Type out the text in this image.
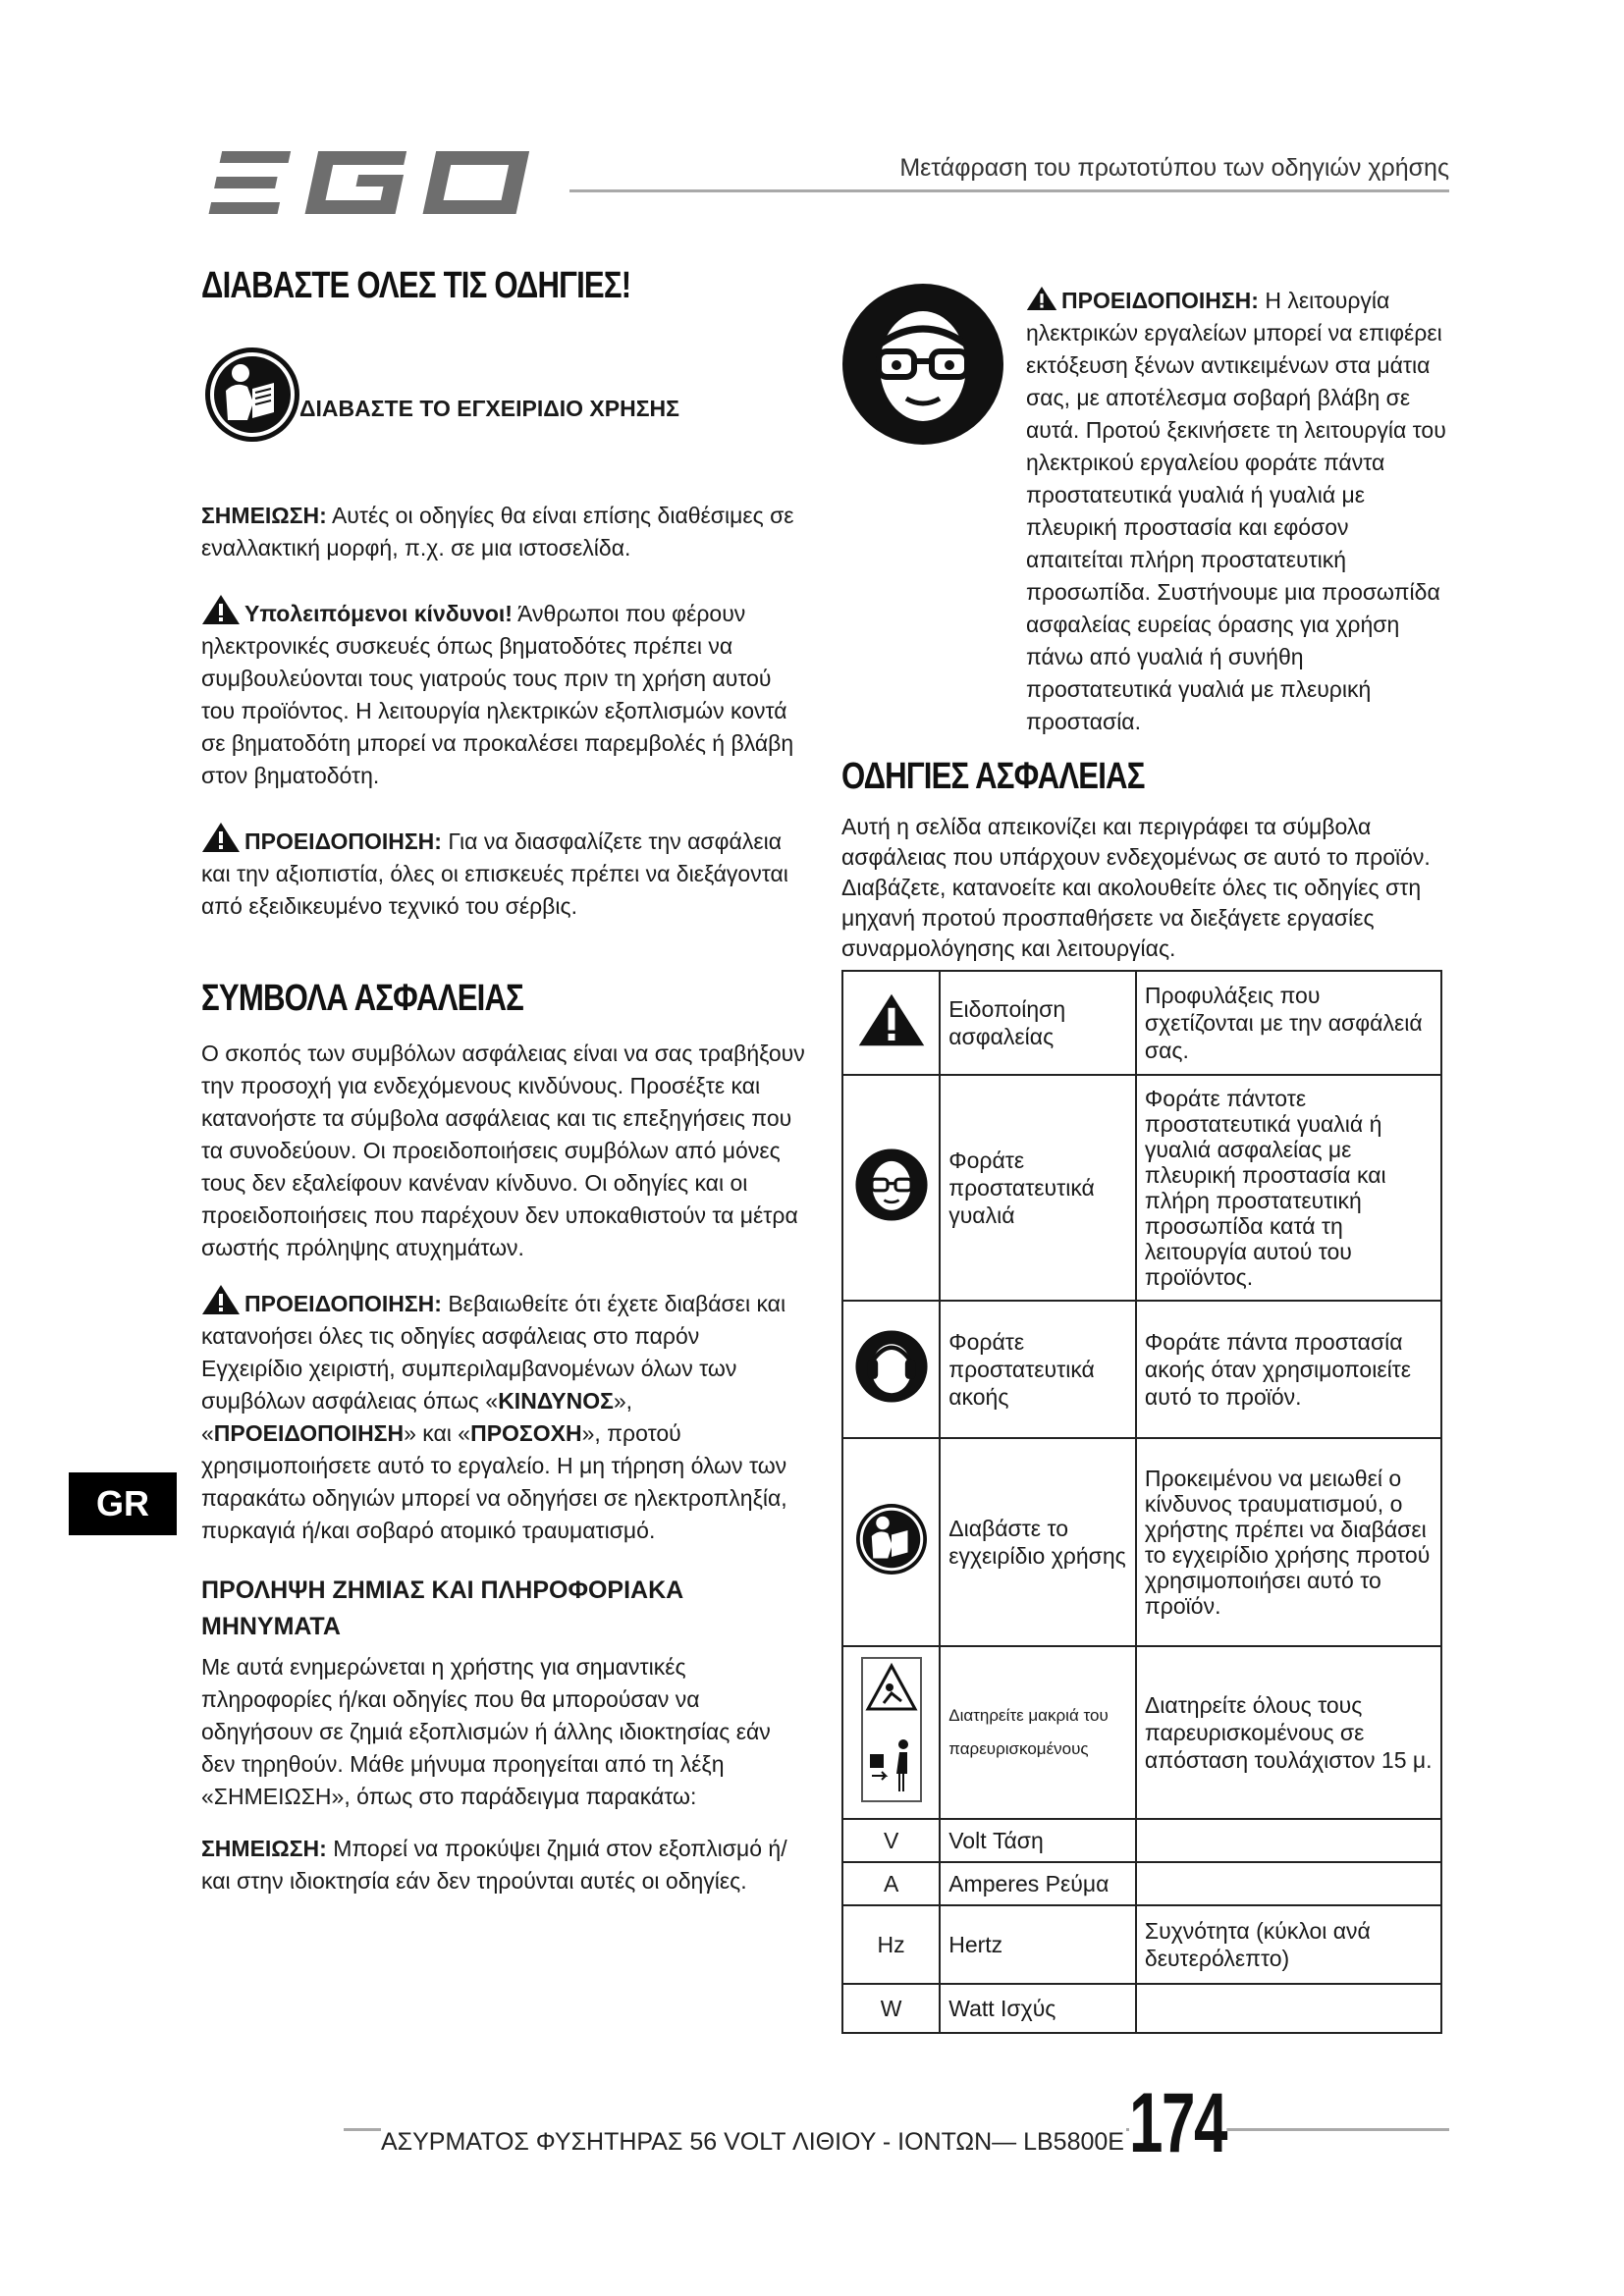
EGO
Μετάφραση του πρωτοτύπου των οδηγιών χρήσης
ΔΙΑΒΑΣΤΕ ΟΛΕΣ ΤΙΣ ΟΔΗΓΙΕΣ!
ΔΙΑΒΑΣΤΕ ΤΟ ΕΓΧΕΙΡΙΔΙΟ ΧΡΗΣΗΣ

ΣΗΜΕΙΩΣΗ: Αυτές οι οδηγίες θα είναι επίσης διαθέσιμες σε εναλλακτική μορφή, π.χ. σε μια ιστοσελίδα.

Υπολειπόμενοι κίνδυνοι! Άνθρωποι που φέρουν ηλεκτρονικές συσκευές όπως βηματοδότες πρέπει να συμβουλεύονται τους γιατρούς τους πριν τη χρήση αυτού του προϊόντος. Η λειτουργία ηλεκτρικών εξοπλισμών κοντά σε βηματοδότη μπορεί να προκαλέσει παρεμβολές ή βλάβη στον βηματοδότη.

ΠΡΟΕΙΔΟΠΟΙΗΣΗ: Για να διασφαλίζετε την ασφάλεια και την αξιοπιστία, όλες οι επισκευές πρέπει να διεξάγονται από εξειδικευμένο τεχνικό του σέρβις.

ΣΥΜΒΟΛΑ ΑΣΦΑΛΕΙΑΣ

Ο σκοπός των συμβόλων ασφάλειας είναι να σας τραβήξουν την προσοχή για ενδεχόμενους κινδύνους. Προσέξτε και κατανοήστε τα σύμβολα ασφάλειας και τις επεξηγήσεις που τα συνοδεύουν. Οι προειδοποιήσεις συμβόλων από μόνες τους δεν εξαλείφουν κανέναν κίνδυνο. Οι οδηγίες και οι προειδοποιήσεις που παρέχουν δεν υποκαθιστούν τα μέτρα σωστής πρόληψης ατυχημάτων.

ΠΡΟΕΙΔΟΠΟΙΗΣΗ: Βεβαιωθείτε ότι έχετε διαβάσει και κατανοήσει όλες τις οδηγίες ασφάλειας στο παρόν Εγχειρίδιο χειριστή, συμπεριλαμβανομένων όλων των συμβόλων ασφάλειας όπως «ΚΙΝΔΥΝΟΣ», «ΠΡΟΕΙΔΟΠΟΙΗΣΗ» και «ΠΡΟΣΟΧΗ», προτού χρησιμοποιήσετε αυτό το εργαλείο. Η μη τήρηση όλων των παρακάτω οδηγιών μπορεί να οδηγήσει σε ηλεκτροπληξία, πυρκαγιά ή/και σοβαρό ατομικό τραυματισμό.

ΠΡΟΛΗΨΗ ΖΗΜΙΑΣ ΚΑΙ ΠΛΗΡΟΦΟΡΙΑΚΑ ΜΗΝΥΜΑΤΑ

Με αυτά ενημερώνεται η χρήστης για σημαντικές πληροφορίες ή/και οδηγίες που θα μπορούσαν να οδηγήσουν σε ζημιά εξοπλισμών ή άλλης ιδιοκτησίας εάν δεν τηρηθούν. Μάθε μήνυμα προηγείται από τη λέξη «ΣΗΜΕΙΩΣΗ», όπως στο παράδειγμα παρακάτω:

ΣΗΜΕΙΩΣΗ: Μπορεί να προκύψει ζημιά στον εξοπλισμό ή/και στην ιδιοκτησία εάν δεν τηρούνται αυτές οι οδηγίες.

ΠΡΟΕΙΔΟΠΟΙΗΣΗ: Η λειτουργία ηλεκτρικών εργαλείων μπορεί να επιφέρει εκτόξευση ξένων αντικειμένων στα μάτια σας, με αποτέλεσμα σοβαρή βλάβη σε αυτά. Προτού ξεκινήσετε τη λειτουργία του ηλεκτρικού εργαλείου φοράτε πάντα προστατευτικά γυαλιά ή γυαλιά με πλευρική προστασία και εφόσον απαιτείται πλήρη προστατευτική προσωπίδα. Συστήνουμε μια προσωπίδα ασφαλείας ευρείας όρασης για χρήση πάνω από γυαλιά ή συνήθη προστατευτικά γυαλιά με πλευρική προστασία.

ΟΔΗΓΙΕΣ ΑΣΦΑΛΕΙΑΣ

Αυτή η σελίδα απεικονίζει και περιγράφει τα σύμβολα ασφάλειας που υπάρχουν ενδεχομένως σε αυτό το προϊόν. Διαβάζετε, κατανοείτε και ακολουθείτε όλες τις οδηγίες στη μηχανή προτού προσπαθήσετε να διεξάγετε εργασίες συναρμολόγησης και λειτουργίας.

	Ειδοποίηση ασφαλείας	Προφυλάξεις που σχετίζονται με την ασφάλειά σας.
	Φοράτε προστατευτικά γυαλιά	Φοράτε πάντοτε προστατευτικά γυαλιά ή γυαλιά ασφαλείας με πλευρική προστασία και πλήρη προστατευτική προσωπίδα κατά τη λειτουργία αυτού του προϊόντος.
	Φοράτε προστατευτικά ακοής	Φοράτε πάντα προστασία ακοής όταν χρησιμοποιείτε αυτό το προϊόν.
	Διαβάστε το εγχειρίδιο χρήσης	Προκειμένου να μειωθεί ο κίνδυνος τραυματισμού, ο χρήστης πρέπει να διαβάσει το εγχειρίδιο χρήσης προτού χρησιμοποιήσει αυτό το προϊόν.
	Διατηρείτε μακριά του παρευρισκομένους	Διατηρείτε όλους τους παρευρισκομένους σε απόσταση τουλάχιστον 15 μ.
V	Volt Τάση	
A	Amperes Ρεύμα	
Hz	Hertz	Συχνότητα (κύκλοι ανά δευτερόλεπτο)
W	Watt Ισχύς	
GR
ΑΣΥΡΜΑΤΟΣ ΦΥΣΗΤΗΡΑΣ 56 VOLT ΛΙΘΙΟΥ - ΙΟΝΤΩΝ— LB5800E 174
